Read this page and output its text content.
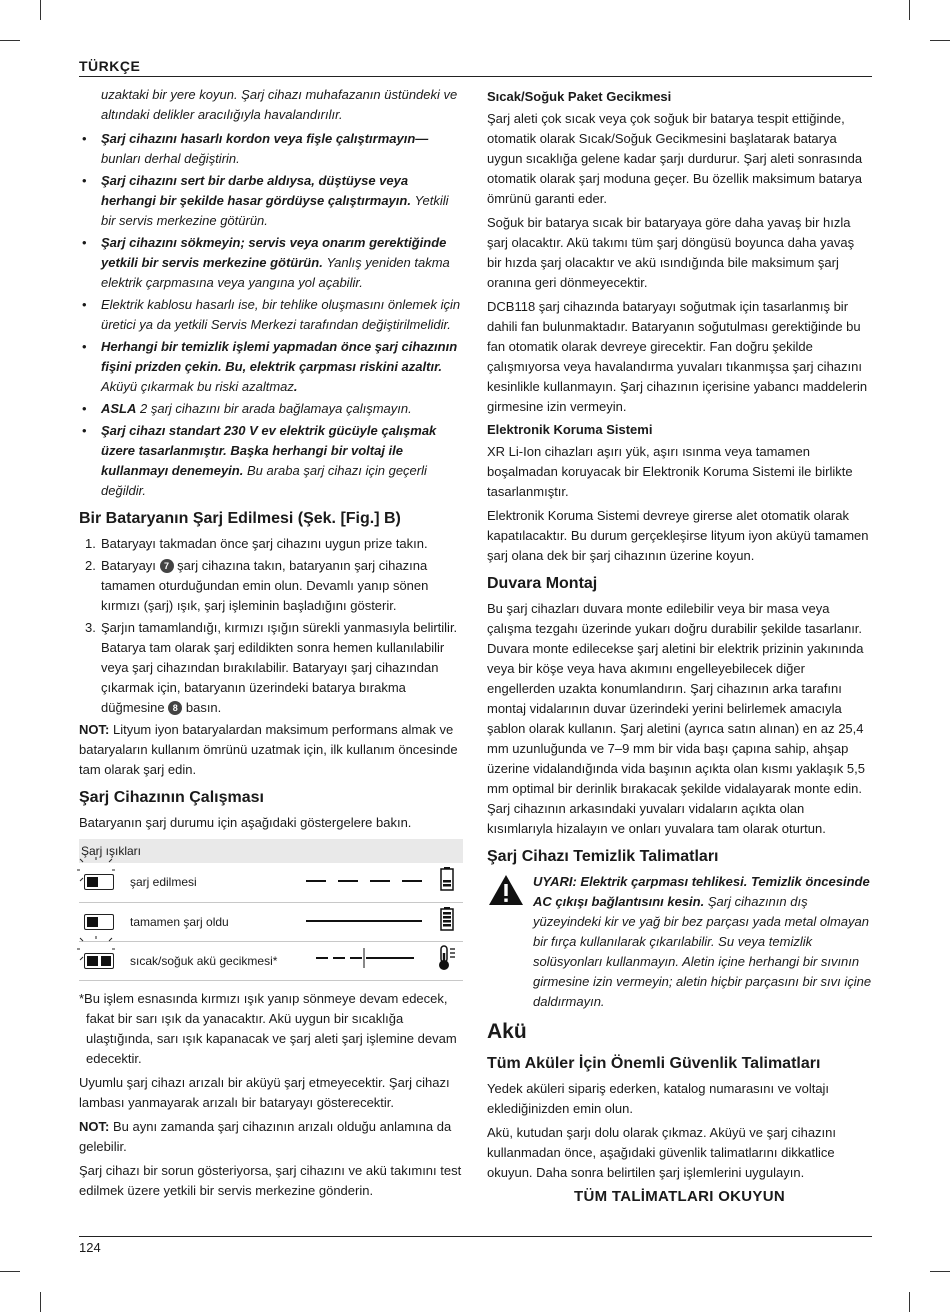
TÜRKÇE

uzaktaki bir yere koyun. Şarj cihazı muhafazanın üstündeki ve altındaki delikler aracılığıyla havalandırılır.

• Şarj cihazını hasarlı kordon veya fişle çalıştırmayın— bunları derhal değiştirin.
• Şarj cihazını sert bir darbe aldıysa, düştüyse veya herhangi bir şekilde hasar gördüyse çalıştırmayın. Yetkili bir servis merkezine götürün.
• Şarj cihazını sökmeyin; servis veya onarım gerektiğinde yetkili bir servis merkezine götürün. Yanlış yeniden takma elektrik çarpmasına veya yangına yol açabilir.
• Elektrik kablosu hasarlı ise, bir tehlike oluşmasını önlemek için üretici ya da yetkili Servis Merkezi tarafından değiştirilmelidir.
• Herhangi bir temizlik işlemi yapmadan önce şarj cihazının fişini prizden çekin. Bu, elektrik çarpması riskini azaltır. Aküyü çıkarmak bu riski azaltmaz.
• ASLA 2 şarj cihazını bir arada bağlamaya çalışmayın.
• Şarj cihazı standart 230 V ev elektrik gücüyle çalışmak üzere tasarlanmıştır. Başka herhangi bir voltaj ile kullanmayı denemeyin. Bu araba şarj cihazı için geçerli değildir.
Bir Bataryanın Şarj Edilmesi (Şek. [Fig.] B)
1. Bataryayı takmadan önce şarj cihazını uygun prize takın.
2. Bataryayı 7 şarj cihazına takın, bataryanın şarj cihazına tamamen oturduğundan emin olun. Devamlı yanıp sönen kırmızı (şarj) ışık, şarj işleminin başladığını gösterir.
3. Şarjın tamamlandığı, kırmızı ışığın sürekli yanmasıyla belirtilir. Batarya tam olarak şarj edildikten sonra hemen kullanılabilir veya şarj cihazından bırakılabilir. Bataryayı şarj cihazından çıkarmak için, bataryanın üzerindeki batarya bırakma düğmesine 8 basın.

NOT: Lityum iyon bataryalardan maksimum performans almak ve bataryaların kullanım ömrünü uzatmak için, ilk kullanım öncesinde tam olarak şarj edin.

Şarj Cihazının Çalışması

Bataryanın şarj durumu için aşağıdaki göstergelere bakın.

Şarj ışıkları			

	şarj edilmesi		

	tamamen şarj oldu		

	sıcak/soğuk akü gecikmesi*		

*Bu işlem esnasında kırmızı ışık yanıp sönmeye devam edecek, fakat bir sarı ışık da yanacaktır. Akü uygun bir sıcaklığa ulaştığında, sarı ışık kapanacak ve şarj aleti şarj işlemine devam edecektir.

Uyumlu şarj cihazı arızalı bir aküyü şarj etmeyecektir. Şarj cihazı lambası yanmayarak arızalı bir bataryayı gösterecektir.

NOT: Bu aynı zamanda şarj cihazının arızalı olduğu anlamına da gelebilir.

Şarj cihazı bir sorun gösteriyorsa, şarj cihazını ve akü takımını test edilmek üzere yetkili bir servis merkezine gönderin.

Sıcak/Soğuk Paket Gecikmesi

Şarj aleti çok sıcak veya çok soğuk bir batarya tespit ettiğinde, otomatik olarak Sıcak/Soğuk Gecikmesini başlatarak batarya uygun sıcaklığa gelene kadar şarjı durdurur. Şarj aleti sonrasında otomatik olarak şarj moduna geçer. Bu özellik maksimum batarya ömrünü garanti eder.

Soğuk bir batarya sıcak bir bataryaya göre daha yavaş bir hızla şarj olacaktır. Akü takımı tüm şarj döngüsü boyunca daha yavaş bir hızda şarj olacaktır ve akü ısındığında bile maksimum şarj oranına geri dönmeyecektir.

DCB118 şarj cihazında bataryayı soğutmak için tasarlanmış bir dahili fan bulunmaktadır. Bataryanın soğutulması gerektiğinde bu fan otomatik olarak devreye girecektir. Fan doğru şekilde çalışmıyorsa veya havalandırma yuvaları tıkanmışsa şarj cihazını kesinlikle kullanmayın. Şarj cihazının içerisine yabancı maddelerin girmesine izin vermeyin.

Elektronik Koruma Sistemi

XR Li-Ion cihazları aşırı yük, aşırı ısınma veya tamamen boşalmadan koruyacak bir Elektronik Koruma Sistemi ile birlikte tasarlanmıştır.

Elektronik Koruma Sistemi devreye girerse alet otomatik olarak kapatılacaktır. Bu durum gerçekleşirse lityum iyon aküyü tamamen şarj olana dek bir şarj cihazının üzerine koyun.

Duvara Montaj

Bu şarj cihazları duvara monte edilebilir veya bir masa veya çalışma tezgahı üzerinde yukarı doğru durabilir şekilde tasarlanır. Duvara monte edilecekse şarj aletini bir elektrik prizinin yakınında veya bir köşe veya hava akımını engelleyebilecek diğer engellerden uzakta konumlandırın. Şarj cihazının arka tarafını montaj vidalarının duvar üzerindeki yerini belirlemek amacıyla şablon olarak kullanın. Şarj aletini (ayrıca satın alınan) en az 25,4 mm uzunluğunda ve 7–9 mm bir vida başı çapına sahip, ahşap üzerine vidalandığında vida başının açıkta olan kısmı yaklaşık 5,5 mm optimal bir derinlik bırakacak şekilde vidalayarak monte edin. Şarj cihazının arkasındaki yuvaları vidaların açıkta olan kısımlarıyla hizalayın ve onları yuvalara tam olarak oturtun.

Şarj Cihazı Temizlik Talimatları
UYARI: Elektrik çarpması tehlikesi. Temizlik öncesinde AC çıkışı bağlantısını kesin. Şarj cihazının dış yüzeyindeki kir ve yağ bir bez parçası yada metal olmayan bir fırça kullanılarak çıkarılabilir. Su veya temizlik solüsyonları kullanmayın. Aletin içine herhangi bir sıvının girmesine izin vermeyin; aletin hiçbir parçasını bir sıvı içine daldırmayın.
Akü
Tüm Aküler İçin Önemli Güvenlik Talimatları

Yedek aküleri sipariş ederken, katalog numarasını ve voltajı eklediğinizden emin olun.

Akü, kutudan şarjı dolu olarak çıkmaz. Aküyü ve şarj cihazını kullanmadan önce, aşağıdaki güvenlik talimatlarını dikkatlice okuyun. Daha sonra belirtilen şarj işlemlerini uygulayın.

TÜM TALİMATLARI OKUYUN
124
